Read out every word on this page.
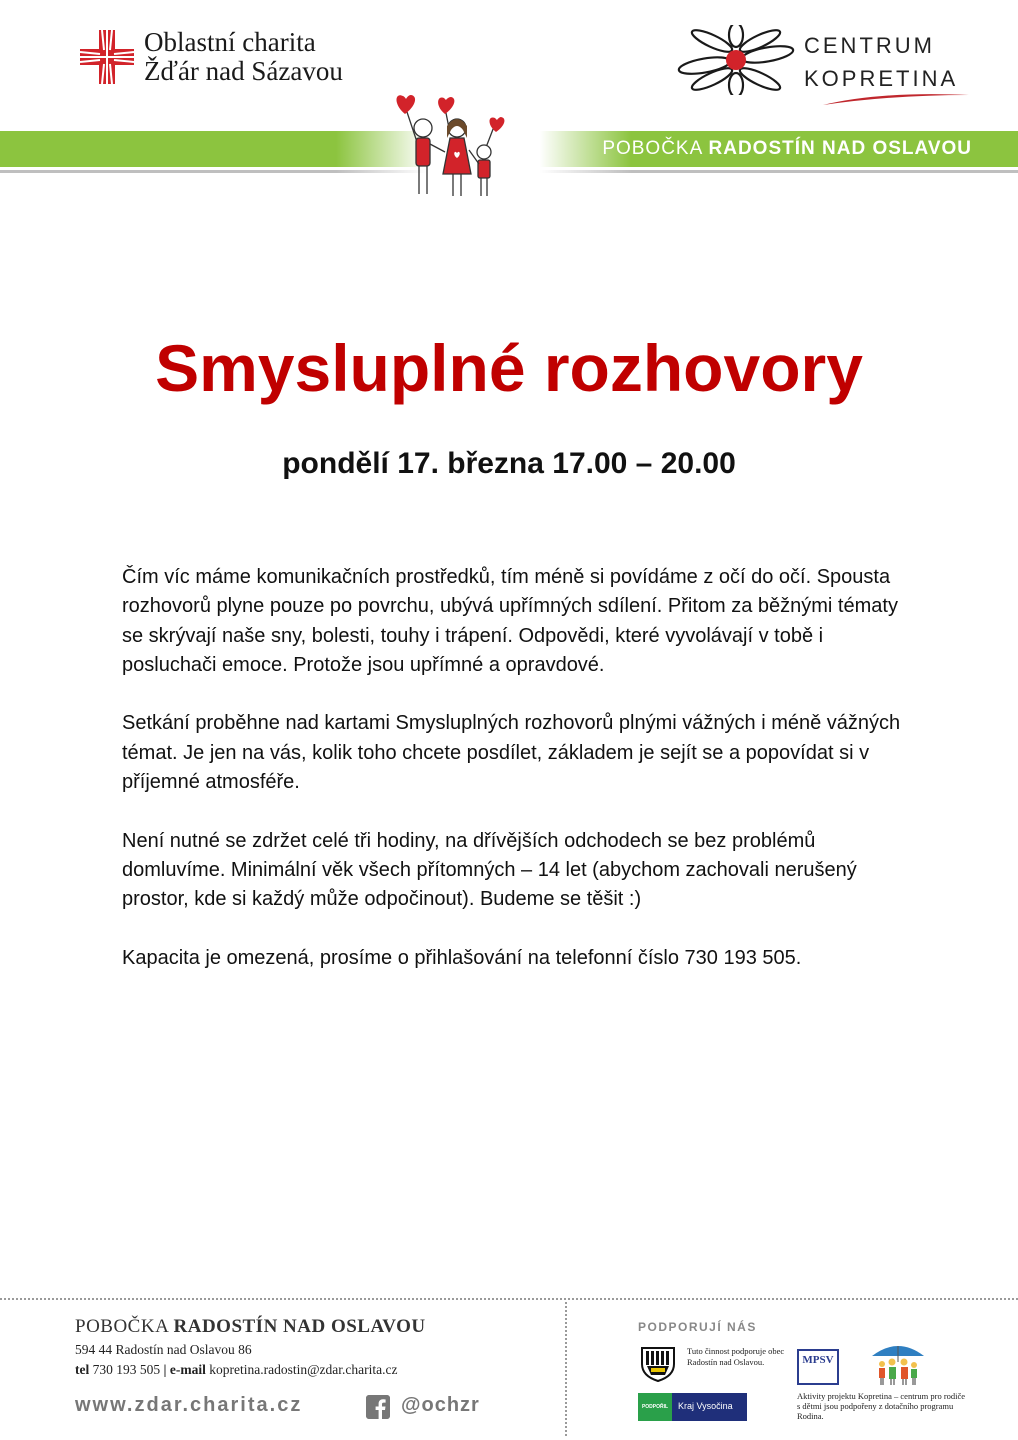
Oblastní charita
Žďár nad Sázavou
CENTRUM
KOPRETINA
POBOČKA RADOSTÍN NAD OSLAVOU
Smysluplné rozhovory
pondělí 17. března 17.00 – 20.00

Čím víc máme komunikačních prostředků, tím méně si povídáme z očí do očí. Spousta rozhovorů plyne pouze po povrchu, ubývá upřímných sdílení. Přitom za běžnými tématy se skrývají naše sny, bolesti, touhy i trápení. Odpovědi, které vyvolávají v tobě i posluchači emoce. Protože jsou upřímné a opravdové.

Setkání proběhne nad kartami Smysluplných rozhovorů plnými vážných i méně vážných témat. Je jen na vás, kolik toho chcete posdílet, základem je sejít se a popovídat si v příjemné atmosféře.

Není nutné se zdržet celé tři hodiny, na dřívějších odchodech se bez problémů domluvíme. Minimální věk všech přítomných – 14 let (abychom zachovali nerušený prostor, kde si každý může odpočinout). Budeme se těšit :)

Kapacita je omezená, prosíme o přihlašování na telefonní číslo 730 193 505.

POBOČKA RADOSTÍN NAD OSLAVOU
594 44 Radostín nad Oslavou 86
tel 730 193 505 | e-mail kopretina.radostin@zdar.charita.cz
www.zdar.charita.cz	@ochzr
PODPORUJÍ NÁS
Tuto činnost podporuje obec Radostín nad Oslavou.	MPSV
PODPOŘIL	Kraj Vysočina
Aktivity projektu Kopretina – centrum pro rodiče s dětmi jsou podpořeny z dotačního programu Rodina.
